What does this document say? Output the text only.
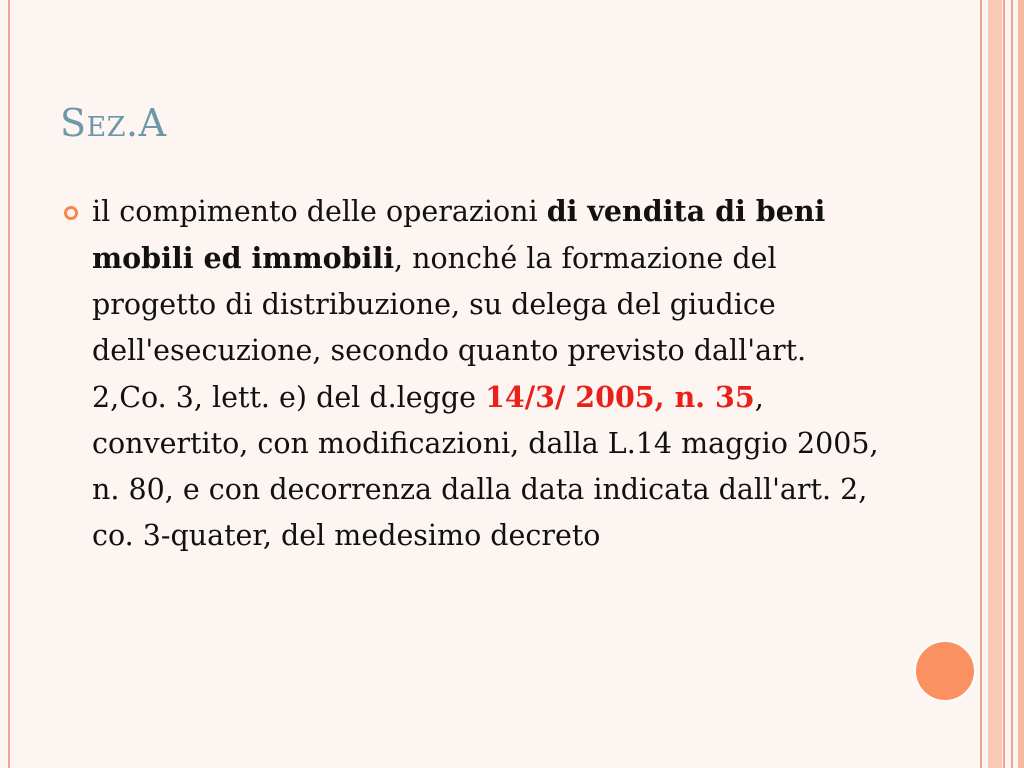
Sez.A
il compimento delle operazioni di vendita di beni mobili ed immobili, nonché la formazione del progetto di distribuzione, su delega del giudice dell'esecuzione, secondo quanto previsto dall'art. 2,Co. 3, lett. e) del d.legge 14/3/ 2005, n. 35, convertito, con modificazioni, dalla L.14 maggio 2005, n. 80, e con decorrenza dalla data indicata dall'art. 2, co. 3-quater, del medesimo decreto
